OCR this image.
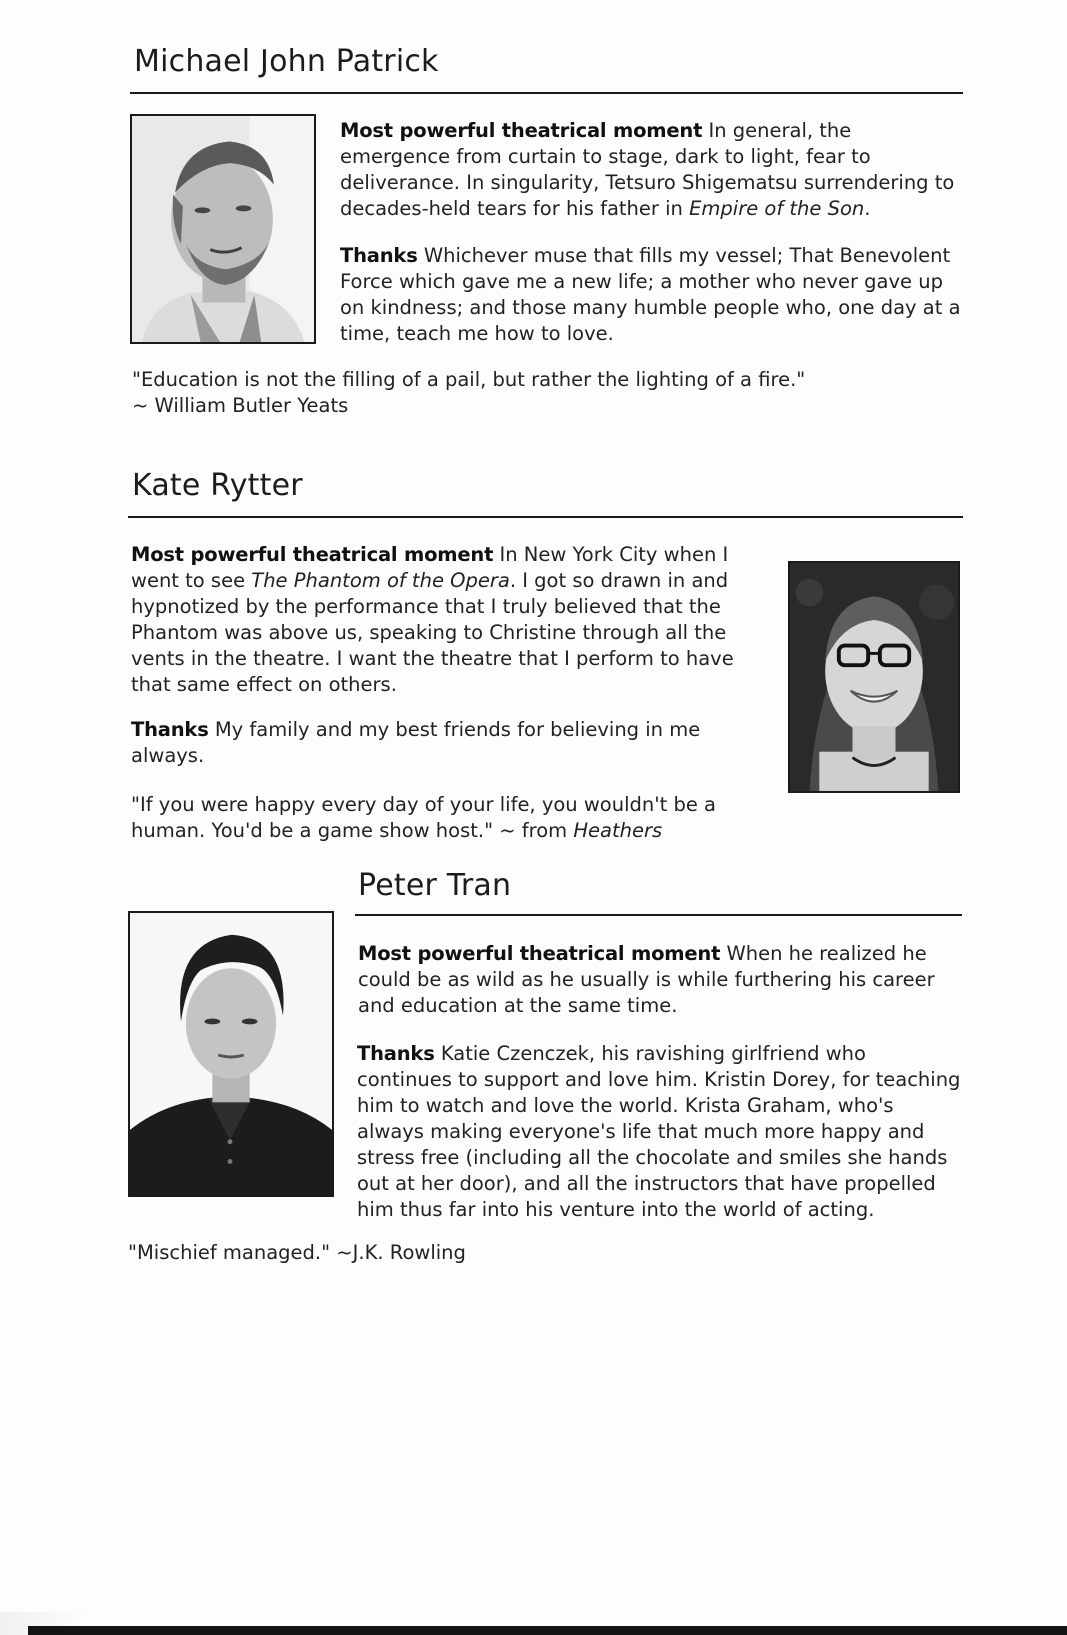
Michael John Patrick
Most powerful theatrical moment In general, the emergence from curtain to stage, dark to light, fear to deliverance. In singularity, Tetsuro Shigematsu surrendering to decades-held tears for his father in Empire of the Son.
Thanks Whichever muse that fills my vessel; That Benevolent Force which gave me a new life; a mother who never gave up on kindness; and those many humble people who, one day at a time, teach me how to love.
"Education is not the filling of a pail, but rather the lighting of a fire."
~ William Butler Yeats
Kate Rytter
Most powerful theatrical moment In New York City when I went to see The Phantom of the Opera. I got so drawn in and hypnotized by the performance that I truly believed that the Phantom was above us, speaking to Christine through all the vents in the theatre. I want the theatre that I perform to have that same effect on others.
Thanks My family and my best friends for believing in me always.
"If you were happy every day of your life, you wouldn't be a human. You'd be a game show host." ~ from Heathers
Peter Tran
Most powerful theatrical moment When he realized he could be as wild as he usually is while furthering his career and education at the same time.
Thanks Katie Czenczek, his ravishing girlfriend who continues to support and love him. Kristin Dorey, for teaching him to watch and love the world. Krista Graham, who's always making everyone's life that much more happy and stress free (including all the chocolate and smiles she hands out at her door), and all the instructors that have propelled him thus far into his venture into the world of acting.
"Mischief managed." ~J.K. Rowling
